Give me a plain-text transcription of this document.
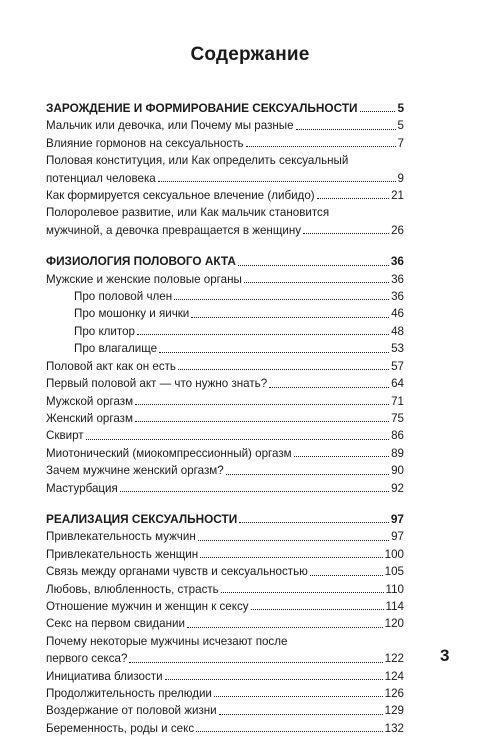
Содержание
ЗАРОЖДЕНИЕ И ФОРМИРОВАНИЕ СЕКСУАЛЬНОСТИ	5
Мальчик или девочка, или Почему мы разные	5
Влияние гормонов на сексуальность	7
Половая конституция, или Как определить сексуальный
потенциал человека	9
Как формируется сексуальное влечение (либидо)	21
Полоролевое развитие, или Как мальчик становится
мужчиной, а девочка превращается в женщину	26
ФИЗИОЛОГИЯ ПОЛОВОГО АКТА	36
Мужские и женские половые органы	36
Про половой член	36
Про мошонку и яички	46
Про клитор	48
Про влагалище	53
Половой акт как он есть	57
Первый половой акт — что нужно знать?	64
Мужской оргазм	71
Женский оргазм	75
Сквирт	86
Миотонический (миокомпрессионный) оргазм	89
Зачем мужчине женский оргазм?	90
Мастурбация	92
РЕАЛИЗАЦИЯ СЕКСУАЛЬНОСТИ	97
Привлекательность мужчин	97
Привлекательность женщин	100
Связь между органами чувств и сексуальностью	105
Любовь, влюбленность, страсть	110
Отношение мужчин и женщин к сексу	114
Секс на первом свидании	120
Почему некоторые мужчины исчезают после
первого секса?	122
Инициатива близости	124
Продолжительность прелюдии	126
Воздержание от половой жизни	129
Беременность, роды и секс	132
3
